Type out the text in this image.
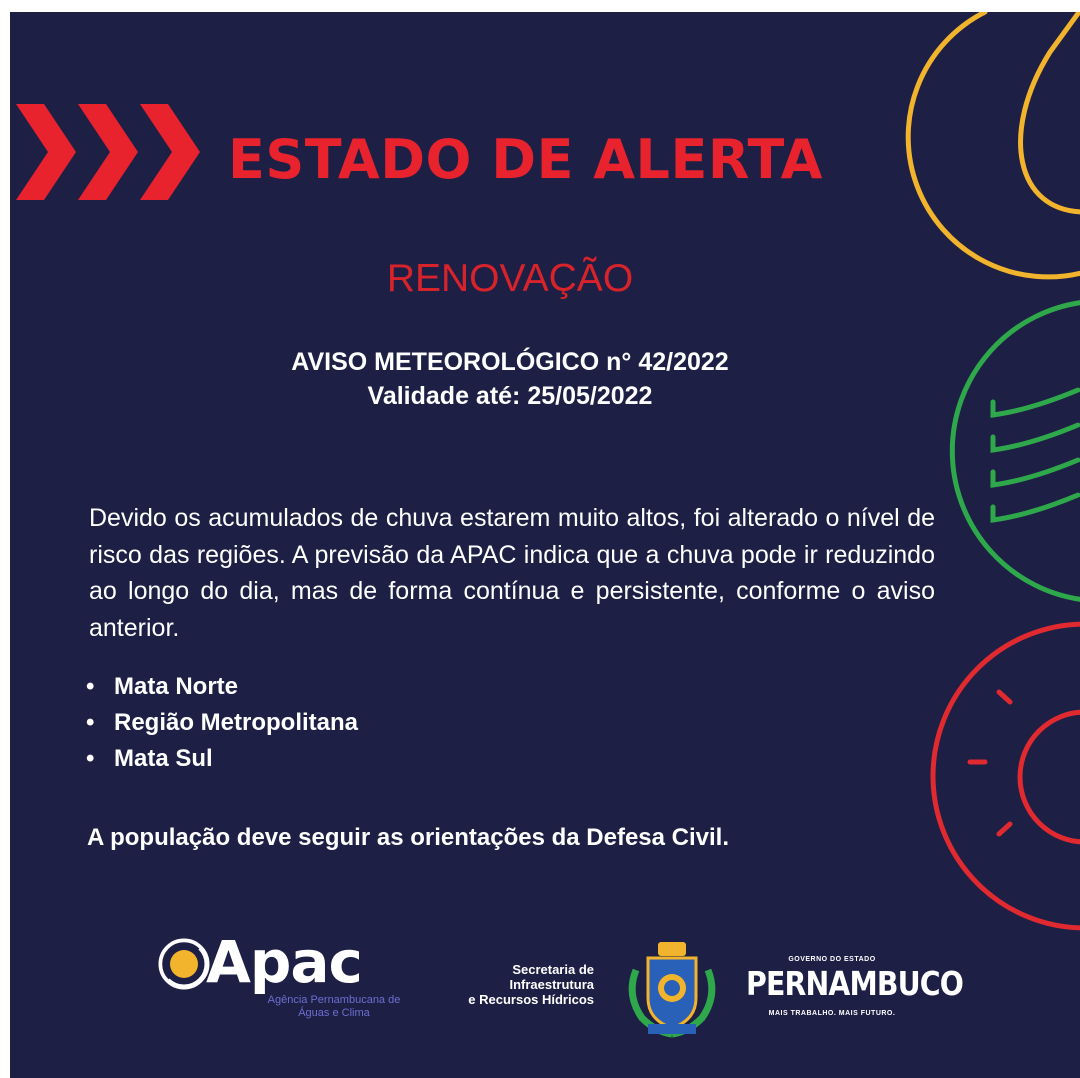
ESTADO DE ALERTA
RENOVAÇÃO
AVISO METEOROLÓGICO n° 42/2022
Validade até: 25/05/2022
Devido os acumulados de chuva estarem muito altos, foi alterado o nível de risco das regiões. A previsão da APAC indica que a chuva pode ir reduzindo ao longo do dia, mas de forma contínua e persistente, conforme o aviso anterior.
• Mata Norte
• Região Metropolitana
• Mata Sul
A população deve seguir as orientações da Defesa Civil.
Apac
Agência Pernambucana de Águas e Clima
Secretaria de
Infraestrutura
e Recursos Hídricos
GOVERNO DO ESTADO
PERNAMBUCO
MAIS TRABALHO. MAIS FUTURO.
